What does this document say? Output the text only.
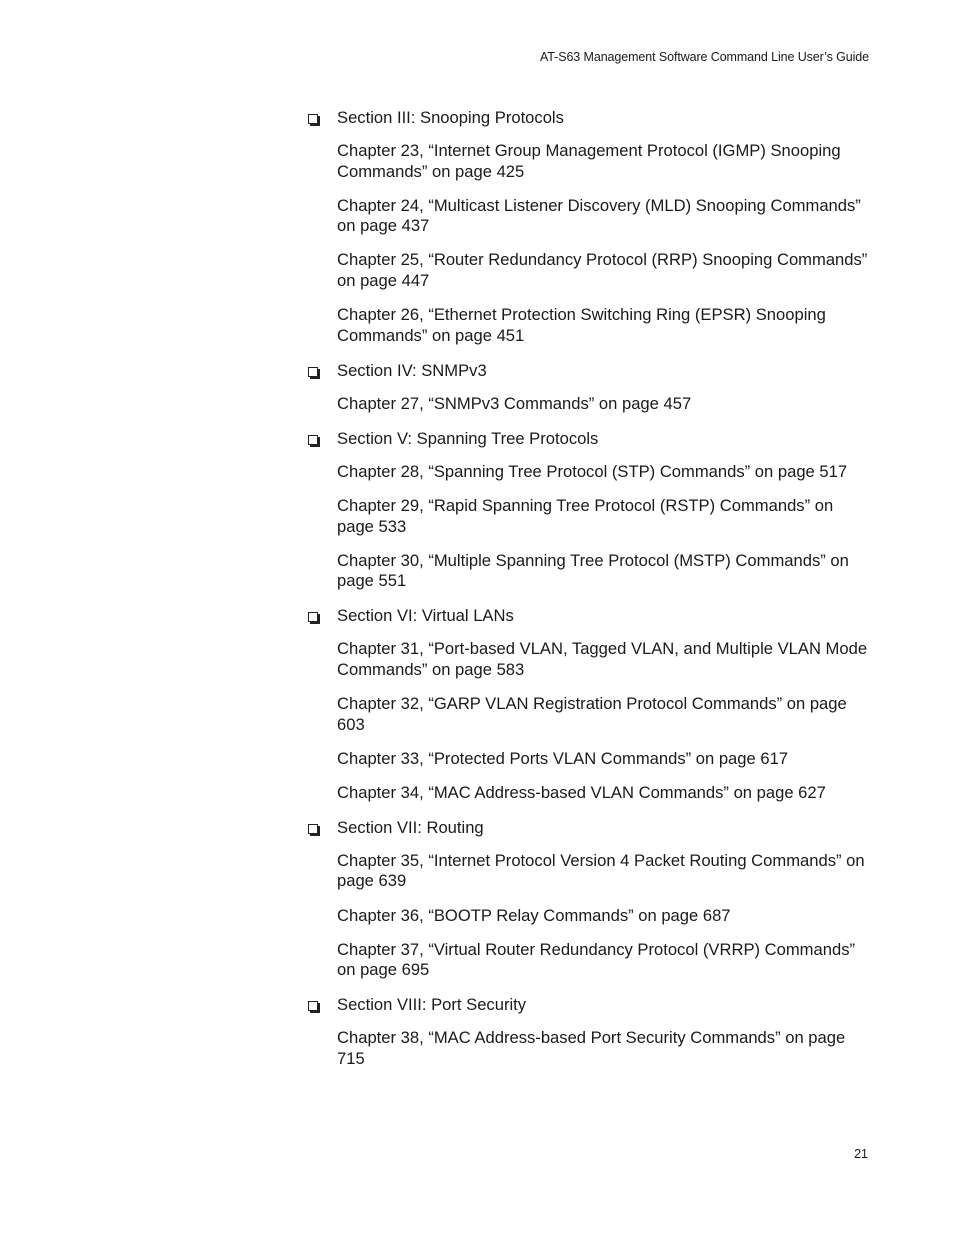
AT-S63 Management Software Command Line User’s Guide
Section III: Snooping Protocols
Chapter 23, “Internet Group Management Protocol (IGMP) Snooping Commands” on page 425
Chapter 24, “Multicast Listener Discovery (MLD) Snooping Commands” on page 437
Chapter 25, “Router Redundancy Protocol (RRP) Snooping Commands” on page 447
Chapter 26, “Ethernet Protection Switching Ring (EPSR) Snooping Commands” on page 451
Section IV: SNMPv3
Chapter 27, “SNMPv3 Commands” on page 457
Section V: Spanning Tree Protocols
Chapter 28, “Spanning Tree Protocol (STP) Commands” on page 517
Chapter 29, “Rapid Spanning Tree Protocol (RSTP) Commands” on page 533
Chapter 30, “Multiple Spanning Tree Protocol (MSTP) Commands” on page 551
Section VI: Virtual LANs
Chapter 31, “Port-based VLAN, Tagged VLAN, and Multiple VLAN Mode Commands” on page 583
Chapter 32, “GARP VLAN Registration Protocol Commands” on page 603
Chapter 33, “Protected Ports VLAN Commands” on page 617
Chapter 34, “MAC Address-based VLAN Commands” on page 627
Section VII: Routing
Chapter 35, “Internet Protocol Version 4 Packet Routing Commands” on page 639
Chapter 36, “BOOTP Relay Commands” on page 687
Chapter 37, “Virtual Router Redundancy Protocol (VRRP) Commands” on page 695
Section VIII: Port Security
Chapter 38, “MAC Address-based Port Security Commands” on page 715
21
